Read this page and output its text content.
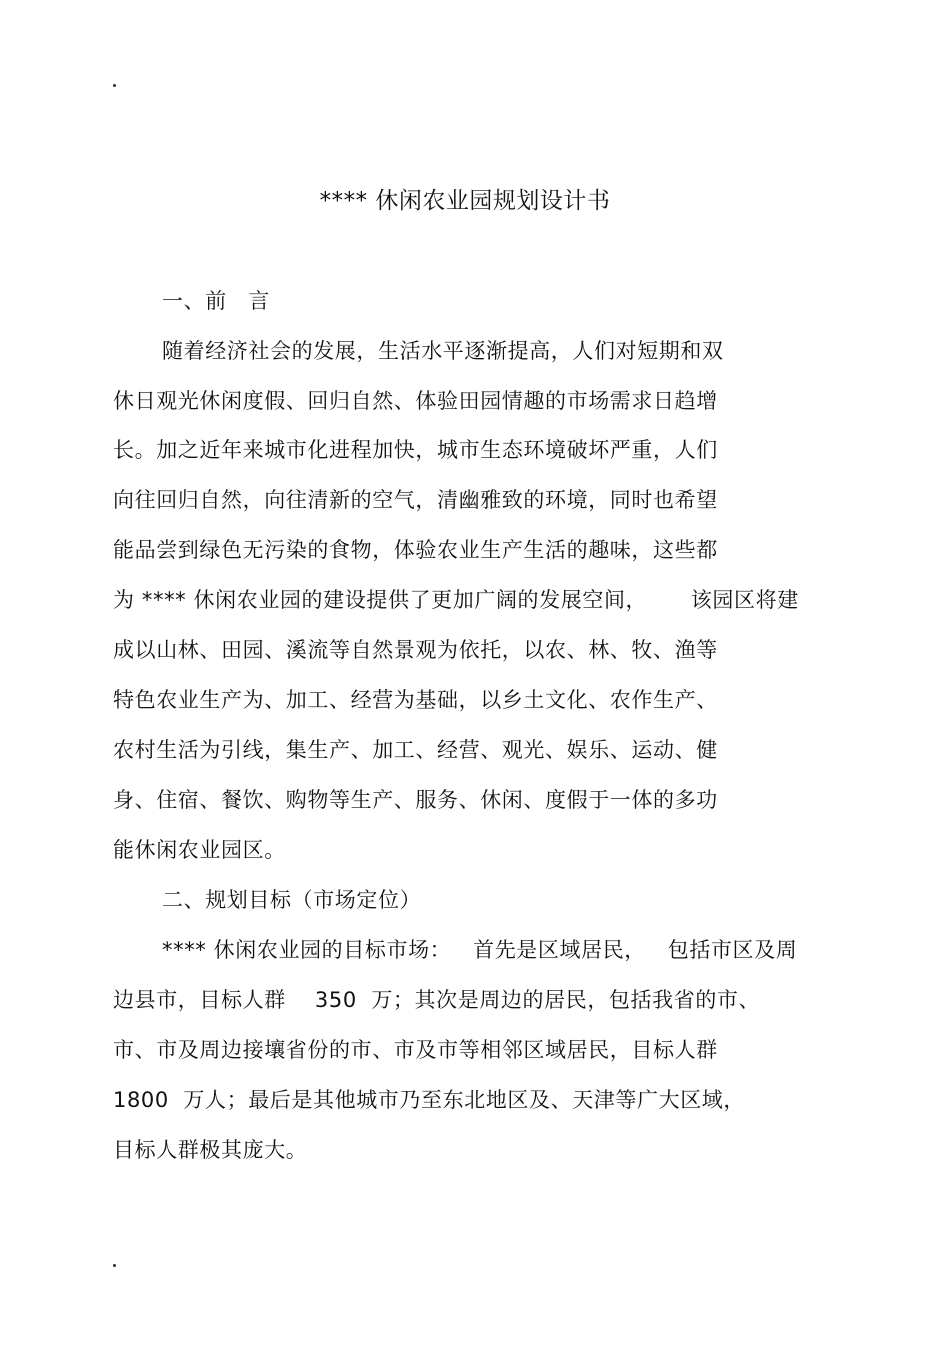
**** 休闲农业园规划设计书
一、前　言
随着经济社会的发展，生活水平逐渐提高，人们对短期和双
休日观光休闲度假、回归自然、体验田园情趣的市场需求日趋增
长。加之近年来城市化进程加快，城市生态环境破坏严重，人们
向往回归自然，向往清新的空气，清幽雅致的环境，同时也希望
能品尝到绿色无污染的食物，体验农业生产生活的趣味，这些都
为 **** 休闲农业园的建设提供了更加广阔的发展空间，      该园区将建
成以山林、田园、溪流等自然景观为依托，以农、林、牧、渔等
特色农业生产为、加工、经营为基础，以乡土文化、农作生产、
农村生活为引线，集生产、加工、经营、观光、娱乐、运动、健
身、住宿、餐饮、购物等生产、服务、休闲、度假于一体的多功
能休闲农业园区。
二、规划目标（市场定位）
**** 休闲农业园的目标市场：   首先是区域居民，   包括市区及周
边县市，目标人群    350  万；其次是周边的居民，包括我省的市、
市、市及周边接壤省份的市、市及市等相邻区域居民，目标人群
1800  万人；最后是其他城市乃至东北地区及、天津等广大区域，
目标人群极其庞大。
